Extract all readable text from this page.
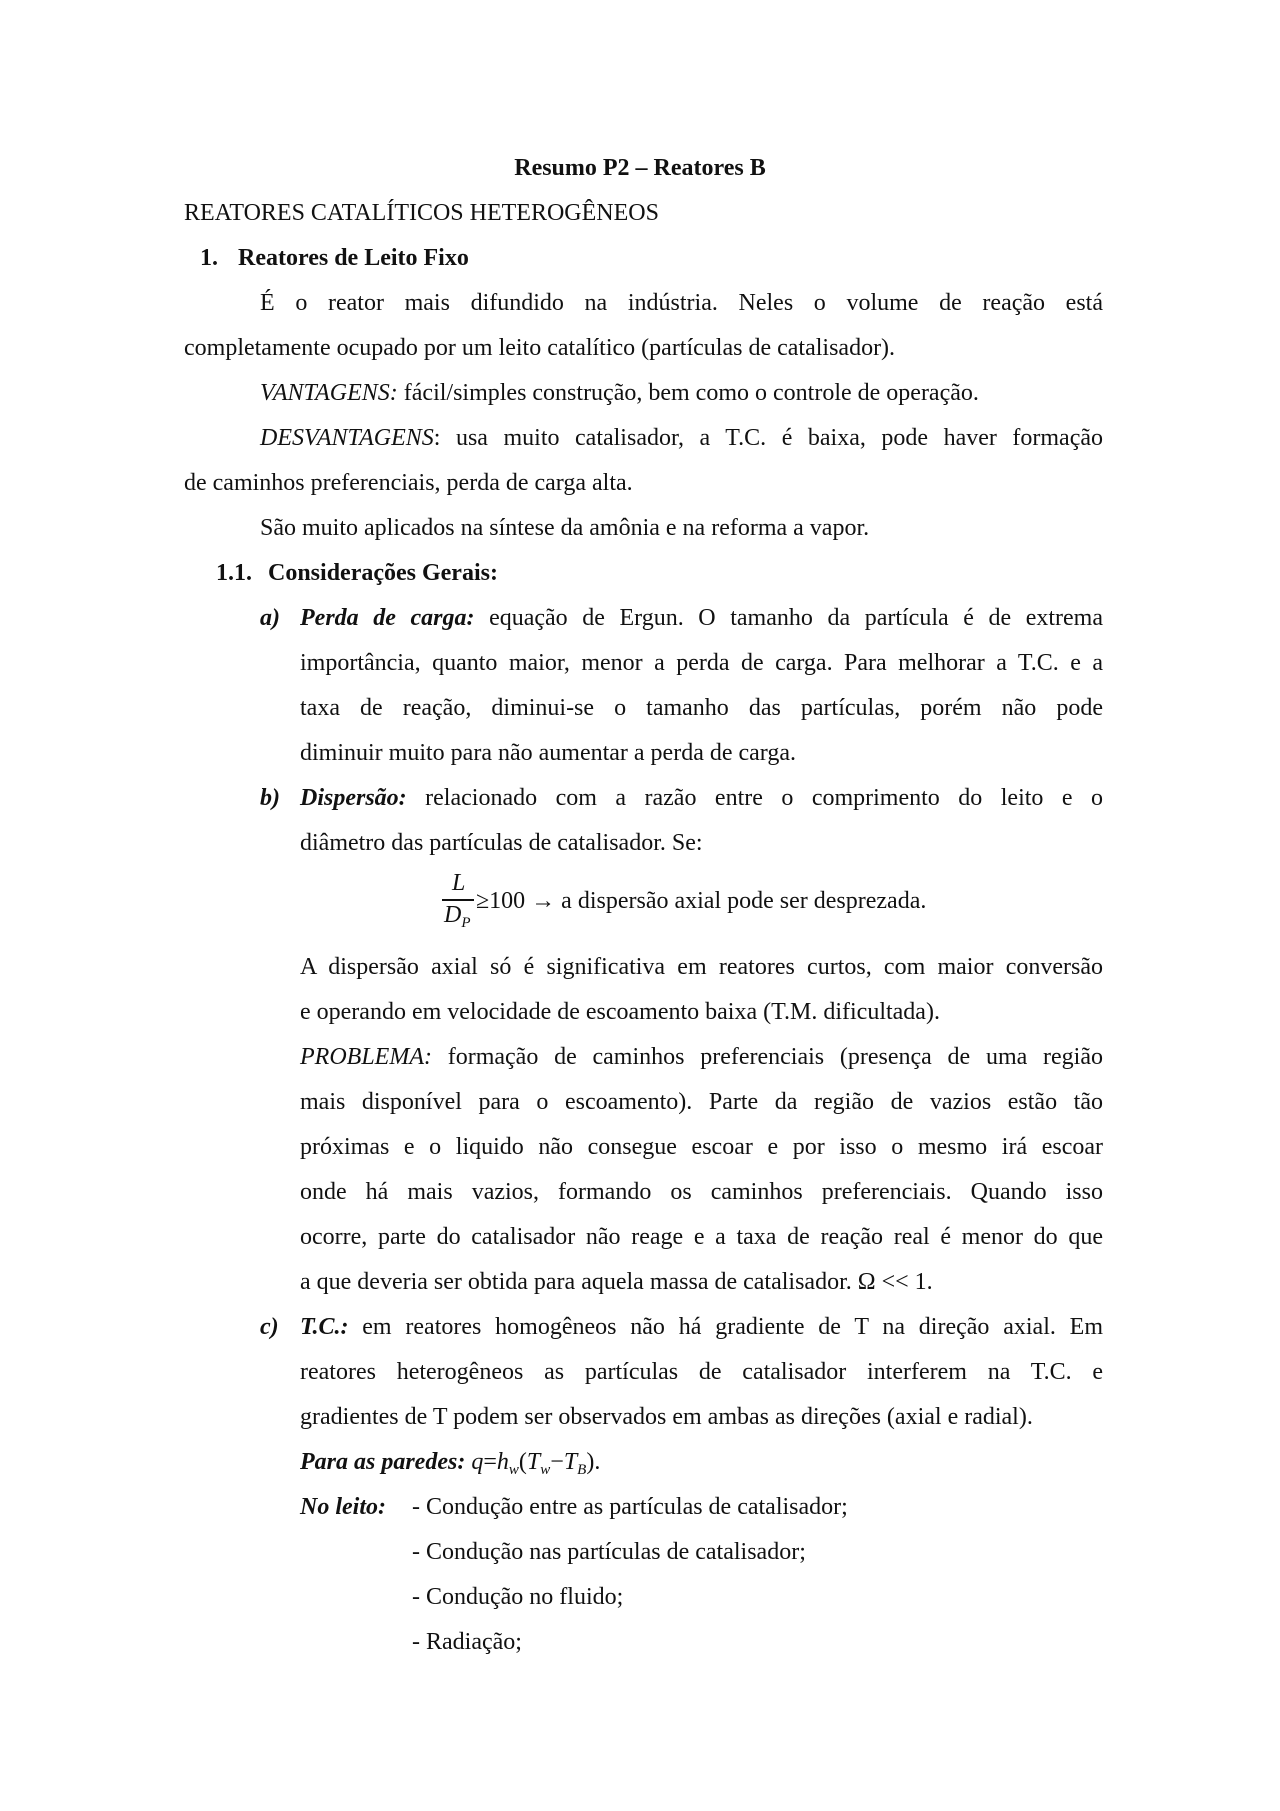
Resumo P2 – Reatores B
REATORES CATALÍTICOS HETEROGÊNEOS
1. Reatores de Leito Fixo
É o reator mais difundido na indústria. Neles o volume de reação está
completamente ocupado por um leito catalítico (partículas de catalisador).
VANTAGENS: fácil/simples construção, bem como o controle de operação.
DESVANTAGENS: usa muito catalisador, a T.C. é baixa, pode haver formação
de caminhos preferenciais, perda de carga alta.
São muito aplicados na síntese da amônia e na reforma a vapor.
1.1. Considerações Gerais:
a) Perda de carga: equação de Ergun. O tamanho da partícula é de extrema
importância, quanto maior, menor a perda de carga. Para melhorar a T.C. e a
taxa de reação, diminui-se o tamanho das partículas, porém não pode
diminuir muito para não aumentar a perda de carga.
b) Dispersão: relacionado com a razão entre o comprimento do leito e o
diâmetro das partículas de catalisador. Se:
L
$D_P$
≥100 → a dispersão axial pode ser desprezada.
A dispersão axial só é significativa em reatores curtos, com maior conversão
e operando em velocidade de escoamento baixa (T.M. dificultada).
PROBLEMA: formação de caminhos preferenciais (presença de uma região
mais disponível para o escoamento). Parte da região de vazios estão tão
próximas e o liquido não consegue escoar e por isso o mesmo irá escoar
onde há mais vazios, formando os caminhos preferenciais. Quando isso
ocorre, parte do catalisador não reage e a taxa de reação real é menor do que
a que deveria ser obtida para aquela massa de catalisador. Ω << 1.
c) T.C.: em reatores homogêneos não há gradiente de T na direção axial. Em
reatores heterogêneos as partículas de catalisador interferem na T.C. e
gradientes de T podem ser observados em ambas as direções (axial e radial).
Para as paredes: $q=h_w(T_w-T_B)$.
No leito: - Condução entre as partículas de catalisador;
- Condução nas partículas de catalisador;
- Condução no fluido;
- Radiação;
